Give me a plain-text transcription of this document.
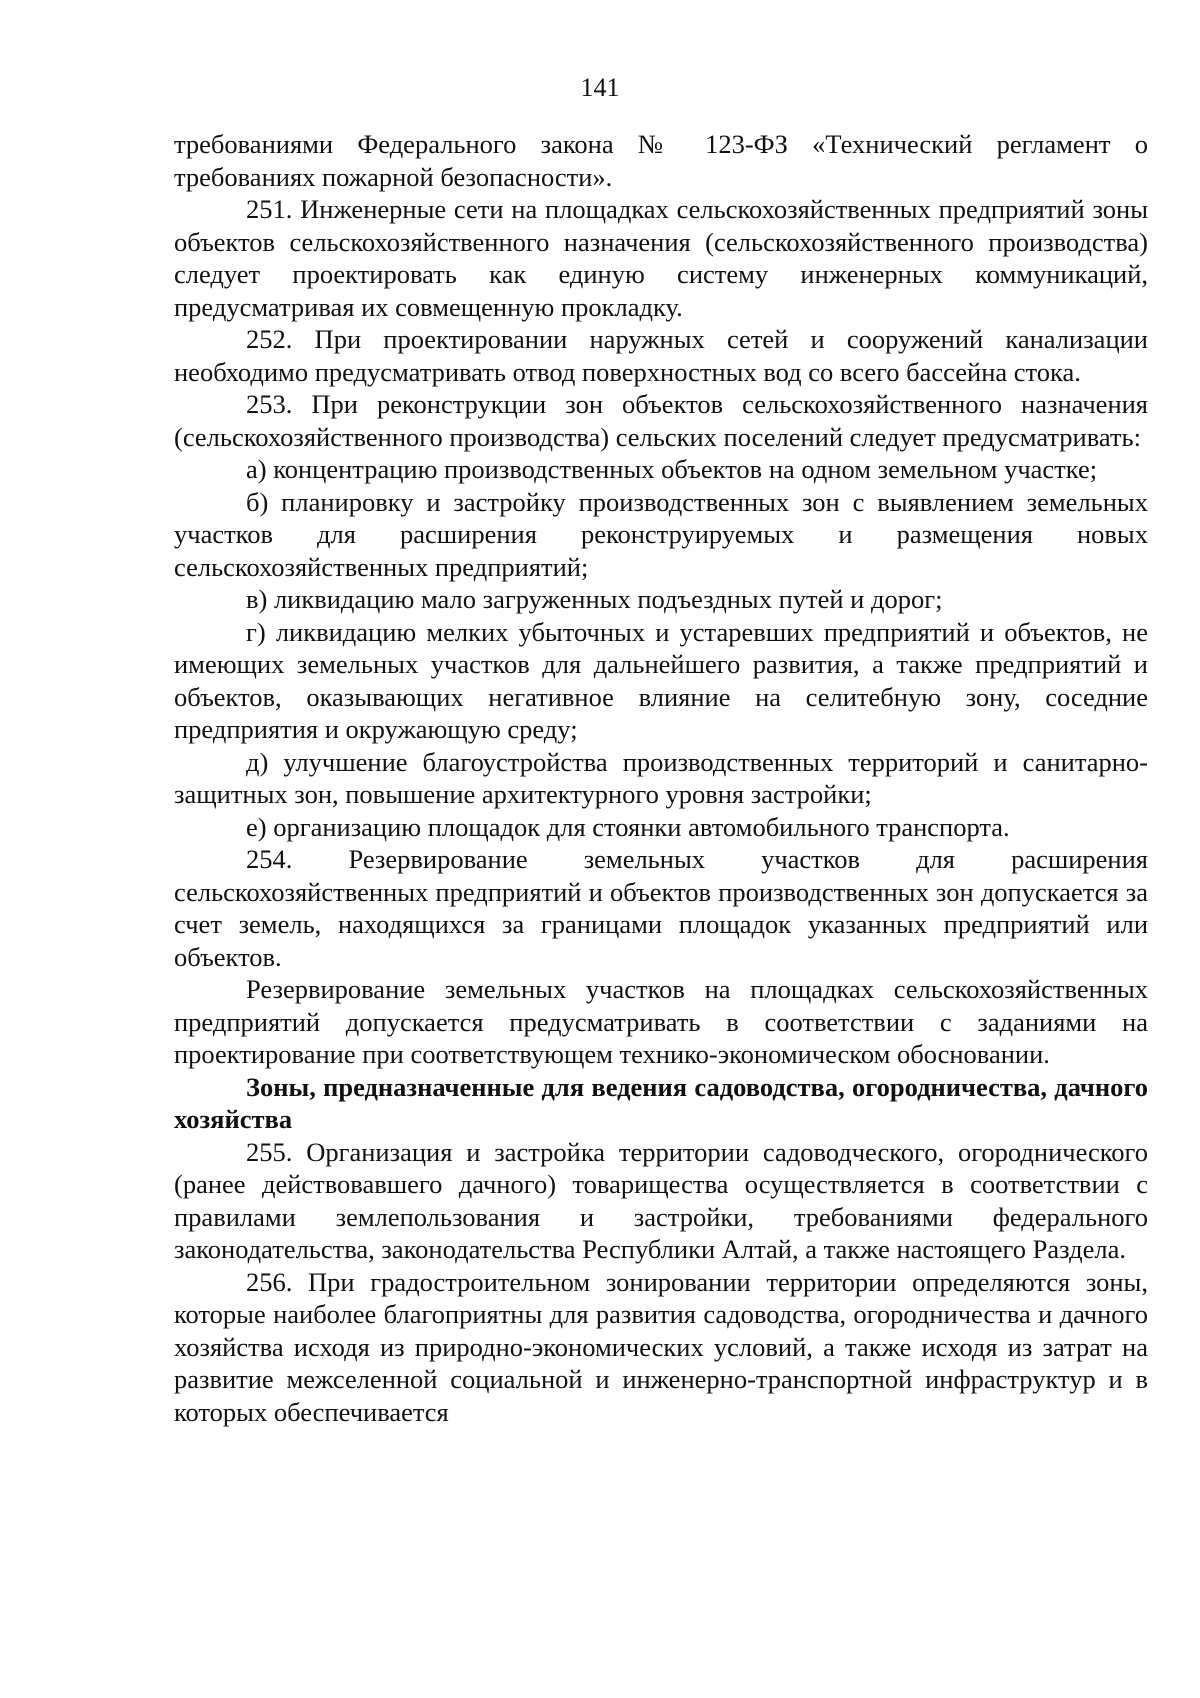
141

требованиями Федерального закона № 123-ФЗ «Технический регламент о требованиях пожарной безопасности».

251. Инженерные сети на площадках сельскохозяйственных предприятий зоны объектов сельскохозяйственного назначения (сельскохозяйственного производства) следует проектировать как единую систему инженерных коммуникаций, предусматривая их совмещенную прокладку.

252. При проектировании наружных сетей и сооружений канализации необходимо предусматривать отвод поверхностных вод со всего бассейна стока.

253. При реконструкции зон объектов сельскохозяйственного назначения (сельскохозяйственного производства) сельских поселений следует предусматривать:

а) концентрацию производственных объектов на одном земельном участке;

б) планировку и застройку производственных зон с выявлением земельных участков для расширения реконструируемых и размещения новых сельскохозяйственных предприятий;

в) ликвидацию мало загруженных подъездных путей и дорог;

г) ликвидацию мелких убыточных и устаревших предприятий и объектов, не имеющих земельных участков для дальнейшего развития, а также предприятий и объектов, оказывающих негативное влияние на селитебную зону, соседние предприятия и окружающую среду;

д) улучшение благоустройства производственных территорий и санитарно-защитных зон, повышение архитектурного уровня застройки;

е) организацию площадок для стоянки автомобильного транспорта.

254. Резервирование земельных участков для расширения сельскохозяйственных предприятий и объектов производственных зон допускается за счет земель, находящихся за границами площадок указанных предприятий или объектов.

Резервирование земельных участков на площадках сельскохозяйственных предприятий допускается предусматривать в соответствии с заданиями на проектирование при соответствующем технико-экономическом обосновании.

Зоны, предназначенные для ведения садоводства, огородничества, дачного хозяйства

255. Организация и застройка территории садоводческого, огороднического (ранее действовавшего дачного) товарищества осуществляется в соответствии с правилами землепользования и застройки, требованиями федерального законодательства, законодательства Республики Алтай, а также настоящего Раздела.

256. При градостроительном зонировании территории определяются зоны, которые наиболее благоприятны для развития садоводства, огородничества и дачного хозяйства исходя из природно-экономических условий, а также исходя из затрат на развитие межселенной социальной и инженерно-транспортной инфраструктур и в которых обеспечивается
